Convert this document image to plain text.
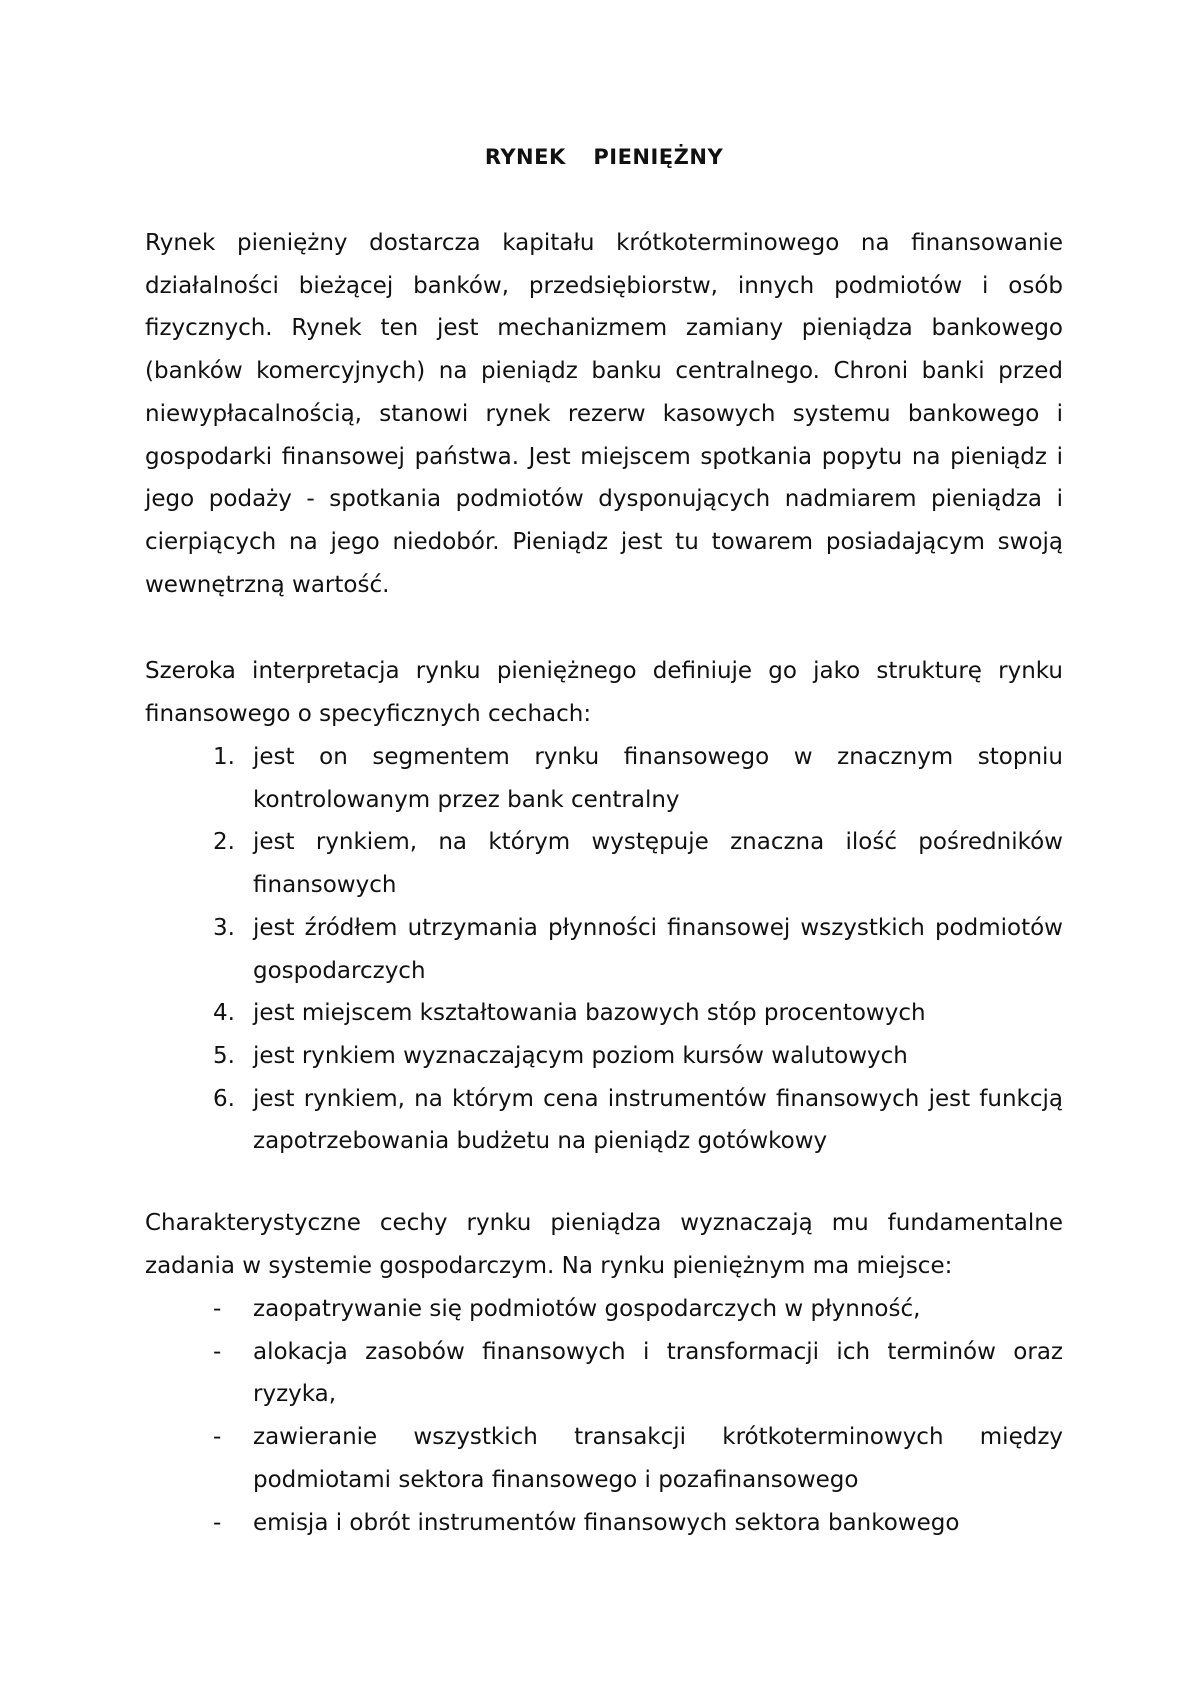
RYNEK  PIENIĘŻNY

Rynek pieniężny dostarcza kapitału krótkoterminowego na finansowanie działalności bieżącej banków, przedsiębiorstw, innych podmiotów i osób fizycznych. Rynek ten jest mechanizmem zamiany pieniądza bankowego (banków komercyjnych) na pieniądz banku centralnego. Chroni banki przed niewypłacalnością, stanowi rynek rezerw kasowych systemu bankowego i gospodarki finansowej państwa. Jest miejscem spotkania popytu na pieniądz i jego podaży - spotkania podmiotów dysponujących nadmiarem pieniądza i cierpiących na jego niedobór. Pieniądz jest tu towarem posiadającym swoją wewnętrzną wartość.

Szeroka interpretacja rynku pieniężnego definiuje go jako strukturę rynku finansowego o specyficznych cechach:

1. jest on segmentem rynku finansowego w znacznym stopniu kontrolowanym przez bank centralny
2. jest rynkiem, na którym występuje znaczna ilość pośredników finansowych
3. jest źródłem utrzymania płynności finansowej wszystkich podmiotów gospodarczych
4. jest miejscem kształtowania bazowych stóp procentowych
5. jest rynkiem wyznaczającym poziom kursów walutowych
6. jest rynkiem, na którym cena instrumentów finansowych jest funkcją zapotrzebowania budżetu na pieniądz gotówkowy

Charakterystyczne cechy rynku pieniądza wyznaczają mu fundamentalne zadania w systemie gospodarczym. Na rynku pieniężnym ma miejsce:

- zaopatrywanie się podmiotów gospodarczych w płynność,
- alokacja zasobów finansowych i transformacji ich terminów oraz ryzyka,
- zawieranie wszystkich transakcji krótkoterminowych między podmiotami sektora finansowego i pozafinansowego
- emisja i obrót instrumentów finansowych sektora bankowego
